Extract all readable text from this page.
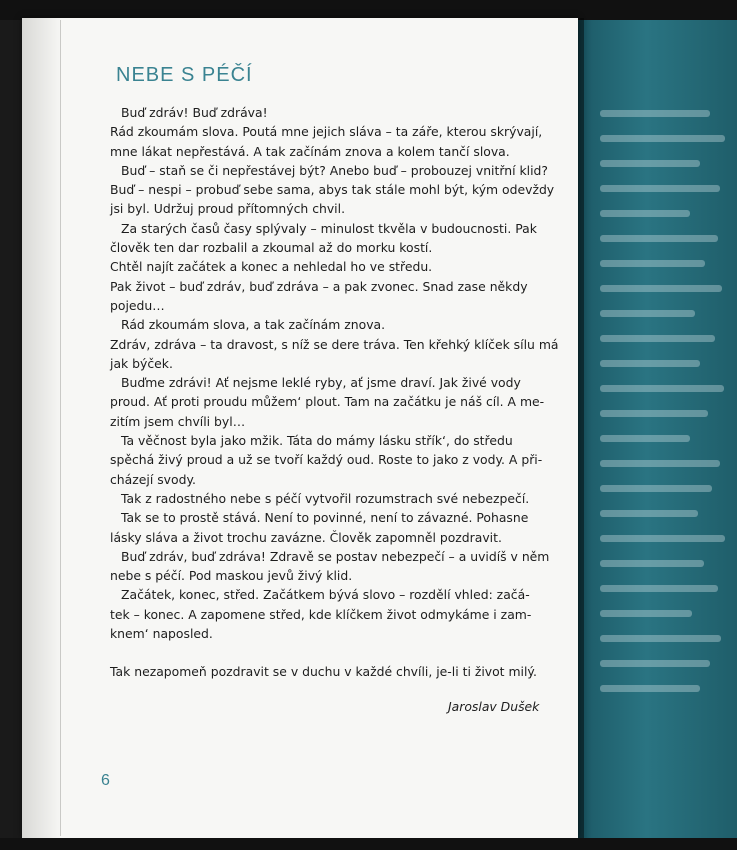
NEBE S PÉČÍ
Buď zdráv! Buď zdráva!
Rád zkoumám slova. Poutá mne jejich sláva – ta záře, kterou skrývají,
mne lákat nepřestává. A tak začínám znova a kolem tančí slova.
Buď – staň se či nepřestávej být? Anebo buď – probouzej vnitřní klid?
Buď – nespi – probuď sebe sama, abys tak stále mohl být, kým odevždy
jsi byl. Udržuj proud přítomných chvil.
Za starých časů časy splývaly – minulost tkvěla v budoucnosti. Pak
člověk ten dar rozbalil a zkoumal až do morku kostí.
Chtěl najít začátek a konec a nehledal ho ve středu.
Pak život – buď zdráv, buď zdráva – a pak zvonec. Snad zase někdy
pojedu…
Rád zkoumám slova, a tak začínám znova.
Zdráv, zdráva – ta dravost, s níž se dere tráva. Ten křehký klíček sílu má
jak býček.
Buďme zdrávi! Ať nejsme leklé ryby, ať jsme draví. Jak živé vody
proud. Ať proti proudu můžem‘ plout. Tam na začátku je náš cíl. A me-
zitím jsem chvíli byl…
Ta věčnost byla jako mžik. Táta do mámy lásku střík‘, do středu
spěchá živý proud a už se tvoří každý oud. Roste to jako z vody. A při-
cházejí svody.
Tak z radostného nebe s péčí vytvořil rozumstrach své nebezpečí.
Tak se to prostě stává. Není to povinné, není to závazné. Pohasne
lásky sláva a život trochu zavázne. Člověk zapomněl pozdravit.
Buď zdráv, buď zdráva! Zdravě se postav nebezpečí – a uvidíš v něm
nebe s péčí. Pod maskou jevů živý klid.
Začátek, konec, střed. Začátkem bývá slovo – rozdělí vhled: začá-
tek – konec. A zapomene střed, kde klíčkem život odmykáme i zam-
knem‘ naposled.
Tak nezapomeň pozdravit se v duchu v každé chvíli, je-li ti život milý.
Jaroslav Dušek
6
